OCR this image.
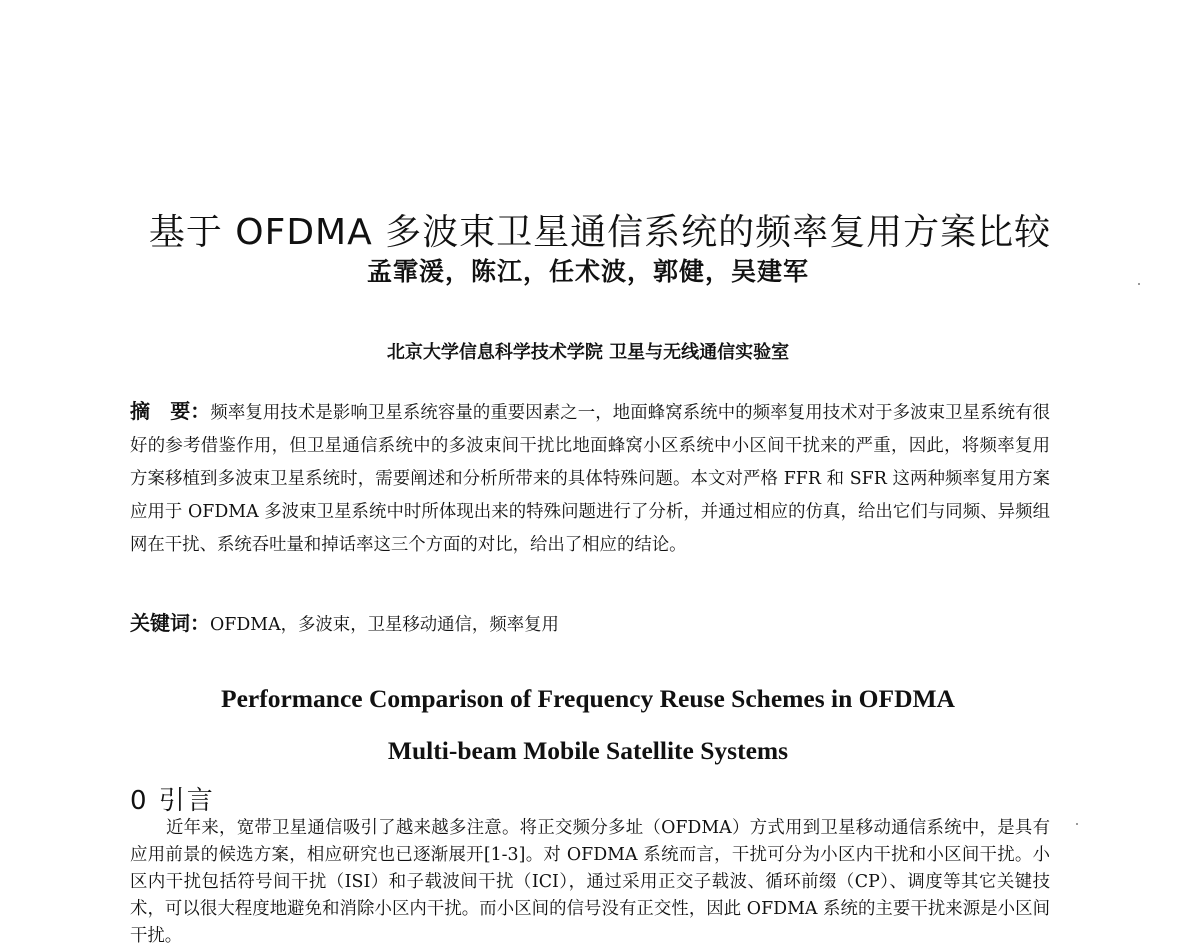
基于 OFDMA 多波束卫星通信系统的频率复用方案比较
孟霏湲，陈江，任术波，郭健，吴建军
北京大学信息科学技术学院 卫星与无线通信实验室
摘　要：频率复用技术是影响卫星系统容量的重要因素之一，地面蜂窝系统中的频率复用技术对于多波束卫星系统有很好的参考借鉴作用，但卫星通信系统中的多波束间干扰比地面蜂窝小区系统中小区间干扰来的严重，因此，将频率复用方案移植到多波束卫星系统时，需要阐述和分析所带来的具体特殊问题。本文对严格 FFR 和 SFR 这两种频率复用方案应用于 OFDMA 多波束卫星系统中时所体现出来的特殊问题进行了分析，并通过相应的仿真，给出它们与同频、异频组网在干扰、系统吞吐量和掉话率这三个方面的对比，给出了相应的结论。
关键词：OFDMA，多波束，卫星移动通信，频率复用
Performance Comparison of Frequency Reuse Schemes in OFDMA
Multi-beam Mobile Satellite Systems
0 引言
近年来，宽带卫星通信吸引了越来越多注意。将正交频分多址（OFDMA）方式用到卫星移动通信系统中，是具有应用前景的候选方案，相应研究也已逐渐展开[1-3]。对 OFDMA 系统而言，干扰可分为小区内干扰和小区间干扰。小区内干扰包括符号间干扰（ISI）和子载波间干扰（ICI），通过采用正交子载波、循环前缀（CP）、调度等其它关键技术，可以很大程度地避免和消除小区内干扰。而小区间的信号没有正交性，因此 OFDMA 系统的主要干扰来源是小区间干扰。
